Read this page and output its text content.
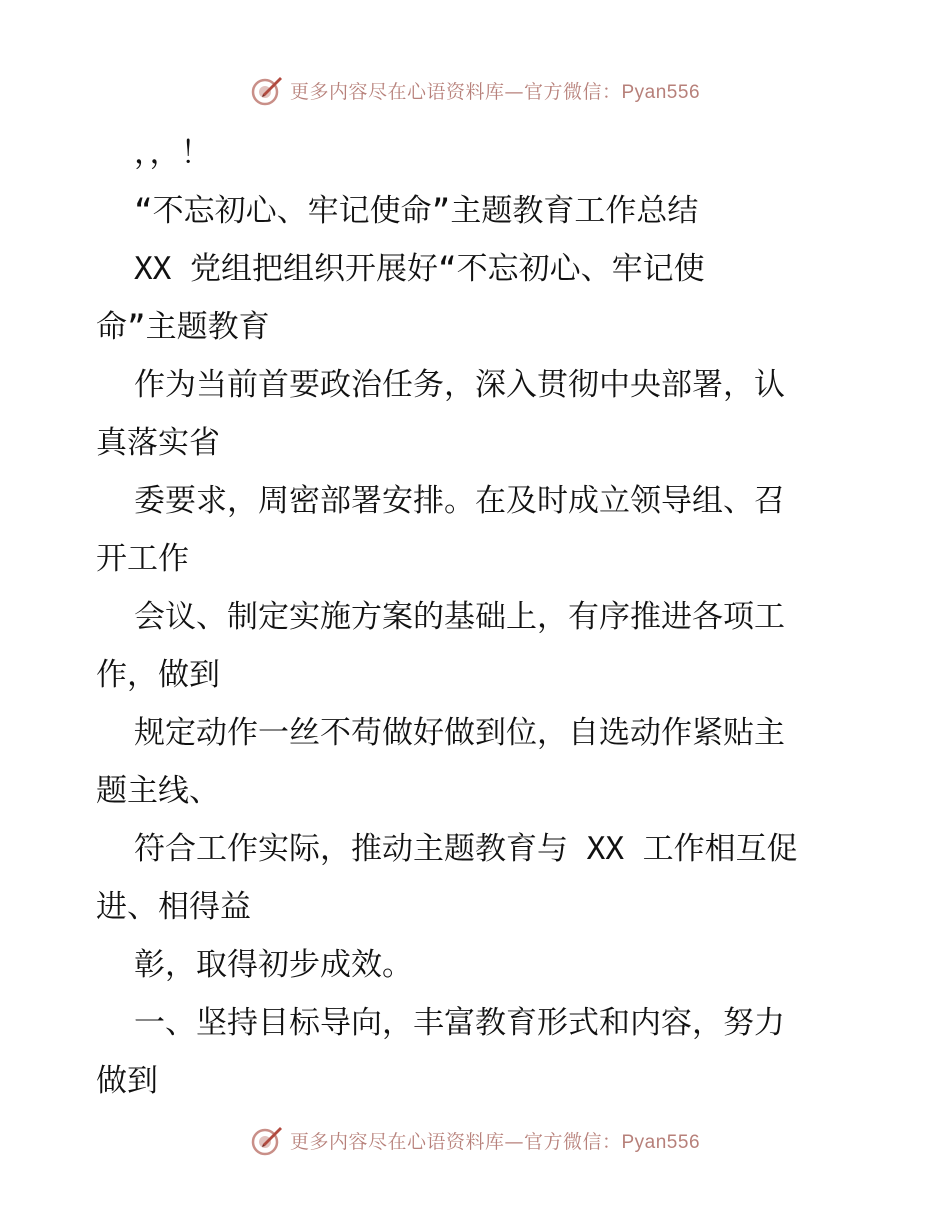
更多内容尽在心语资料库—官方微信：Pyan556
，，！
“不忘初心、牢记使命”主题教育工作总结
XX 党组把组织开展好“不忘初心、牢记使
命”主题教育
作为当前首要政治任务，深入贯彻中央部署，认
真落实省
委要求，周密部署安排。在及时成立领导组、召
开工作
会议、制定实施方案的基础上，有序推进各项工
作，做到
规定动作一丝不苟做好做到位，自选动作紧贴主
题主线、
符合工作实际，推动主题教育与 XX 工作相互促
进、相得益
彰，取得初步成效。
一、坚持目标导向，丰富教育形式和内容，努力
做到
更多内容尽在心语资料库—官方微信：Pyan556
